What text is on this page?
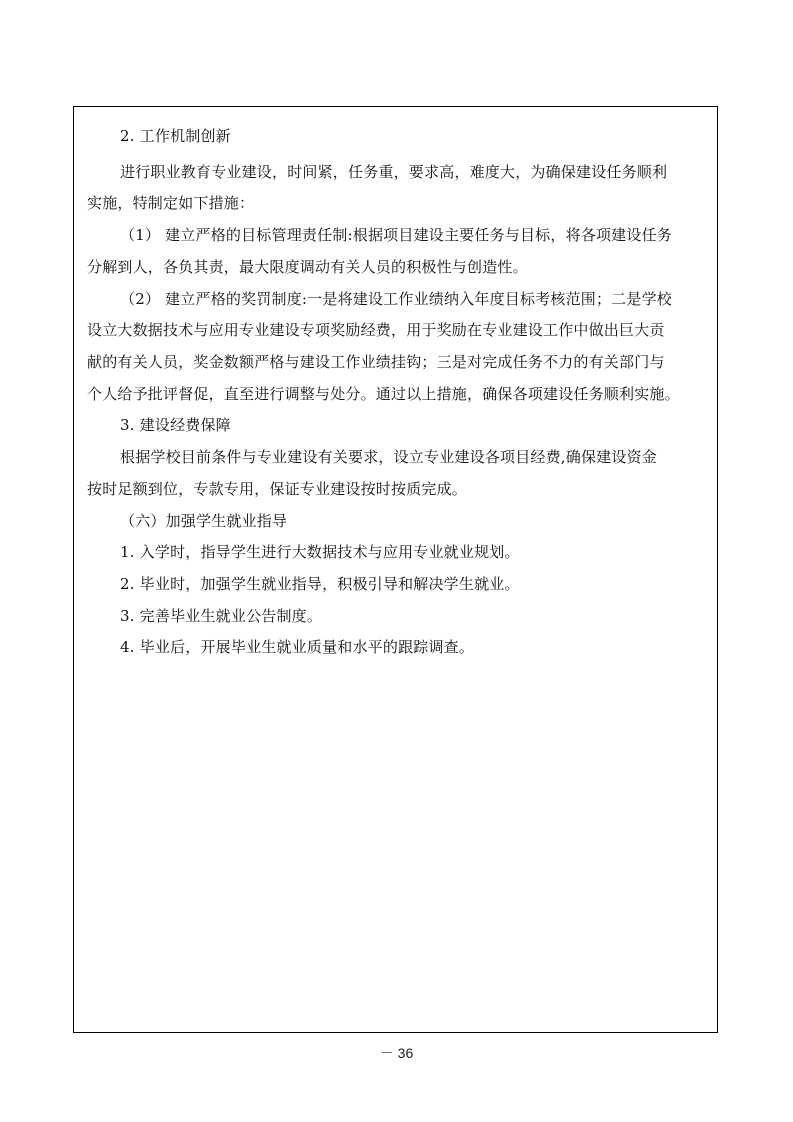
2. 工作机制创新
进行职业教育专业建设，时间紧，任务重，要求高，难度大，为确保建设任务顺利
实施，特制定如下措施：
（1） 建立严格的目标管理责任制:根据项目建设主要任务与目标，将各项建设任务
分解到人，各负其责，最大限度调动有关人员的积极性与创造性。
（2） 建立严格的奖罚制度:一是将建设工作业绩纳入年度目标考核范围；二是学校
设立大数据技术与应用专业建设专项奖励经费，用于奖励在专业建设工作中做出巨大贡
献的有关人员，奖金数额严格与建设工作业绩挂钩；三是对完成任务不力的有关部门与
个人给予批评督促，直至进行调整与处分。通过以上措施，确保各项建设任务顺利实施。
3. 建设经费保障
根据学校目前条件与专业建设有关要求，设立专业建设各项目经费,确保建设资金
按时足额到位，专款专用，保证专业建设按时按质完成。
（六）加强学生就业指导
1. 入学时，指导学生进行大数据技术与应用专业就业规划。
2. 毕业时，加强学生就业指导，积极引导和解决学生就业。
3. 完善毕业生就业公告制度。
4. 毕业后，开展毕业生就业质量和水平的跟踪调查。
－ 36
